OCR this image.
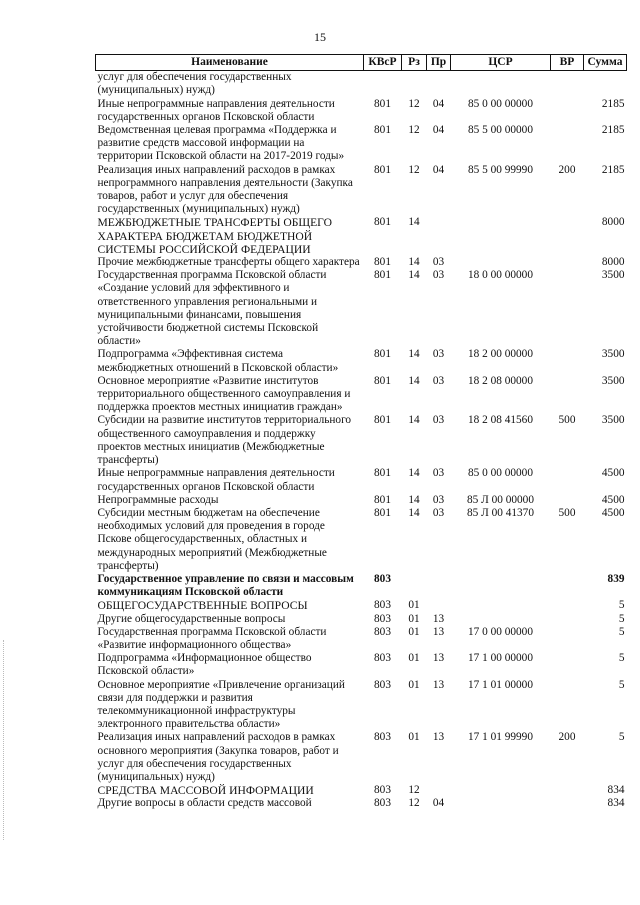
15
Наименование	КВсР	Рз	Пр	ЦСР	ВР	Сумма
услуг для обеспечения государственных (муниципальных) нужд)						
Иные непрограммные направления деятельности государственных органов Псковской области	801	12	04	85 0 00 00000		2185
Ведомственная целевая программа «Поддержка и развитие средств массовой информации на территории Псковской области на 2017-2019 годы»	801	12	04	85 5 00 00000		2185
Реализация иных направлений расходов в рамках непрограммного направления деятельности (Закупка товаров, работ и услуг для обеспечения государственных (муниципальных) нужд)	801	12	04	85 5 00 99990	200	2185
МЕЖБЮДЖЕТНЫЕ ТРАНСФЕРТЫ ОБЩЕГО ХАРАКТЕРА БЮДЖЕТАМ БЮДЖЕТНОЙ СИСТЕМЫ РОССИЙСКОЙ ФЕДЕРАЦИИ	801	14				8000
Прочие межбюджетные трансферты общего характера	801	14	03			8000
Государственная программа Псковской области «Создание условий для эффективного и ответственного управления региональными и муниципальными финансами, повышения устойчивости бюджетной системы Псковской области»	801	14	03	18 0 00 00000		3500
Подпрограмма «Эффективная система межбюджетных отношений в Псковской области»	801	14	03	18 2 00 00000		3500
Основное мероприятие «Развитие институтов территориального общественного самоуправления и поддержка проектов местных инициатив граждан»	801	14	03	18 2 08 00000		3500
Субсидии на развитие институтов территориального общественного самоуправления и поддержку проектов местных инициатив (Межбюджетные трансферты)	801	14	03	18 2 08 41560	500	3500
Иные непрограммные направления деятельности государственных органов Псковской области	801	14	03	85 0 00 00000		4500
Непрограммные расходы	801	14	03	85 Л 00 00000		4500
Субсидии местным бюджетам на обеспечение необходимых условий для проведения в городе Пскове общегосударственных, областных и международных мероприятий (Межбюджетные трансферты)	801	14	03	85 Л 00 41370	500	4500
Государственное управление по связи и массовым коммуникациям Псковской области	803					839
ОБЩЕГОСУДАРСТВЕННЫЕ ВОПРОСЫ	803	01				5
Другие общегосударственные вопросы	803	01	13			5
Государственная программа Псковской области «Развитие информационного общества»	803	01	13	17 0 00 00000		5
Подпрограмма «Информационное общество Псковской области»	803	01	13	17 1 00 00000		5
Основное мероприятие «Привлечение организаций связи для поддержки и развития телекоммуникационной инфраструктуры электронного правительства области»	803	01	13	17 1 01 00000		5
Реализация иных направлений расходов в рамках основного мероприятия (Закупка товаров, работ и услуг для обеспечения государственных (муниципальных) нужд)	803	01	13	17 1 01 99990	200	5
СРЕДСТВА МАССОВОЙ ИНФОРМАЦИИ	803	12				834
Другие вопросы в области средств массовой	803	12	04			834
